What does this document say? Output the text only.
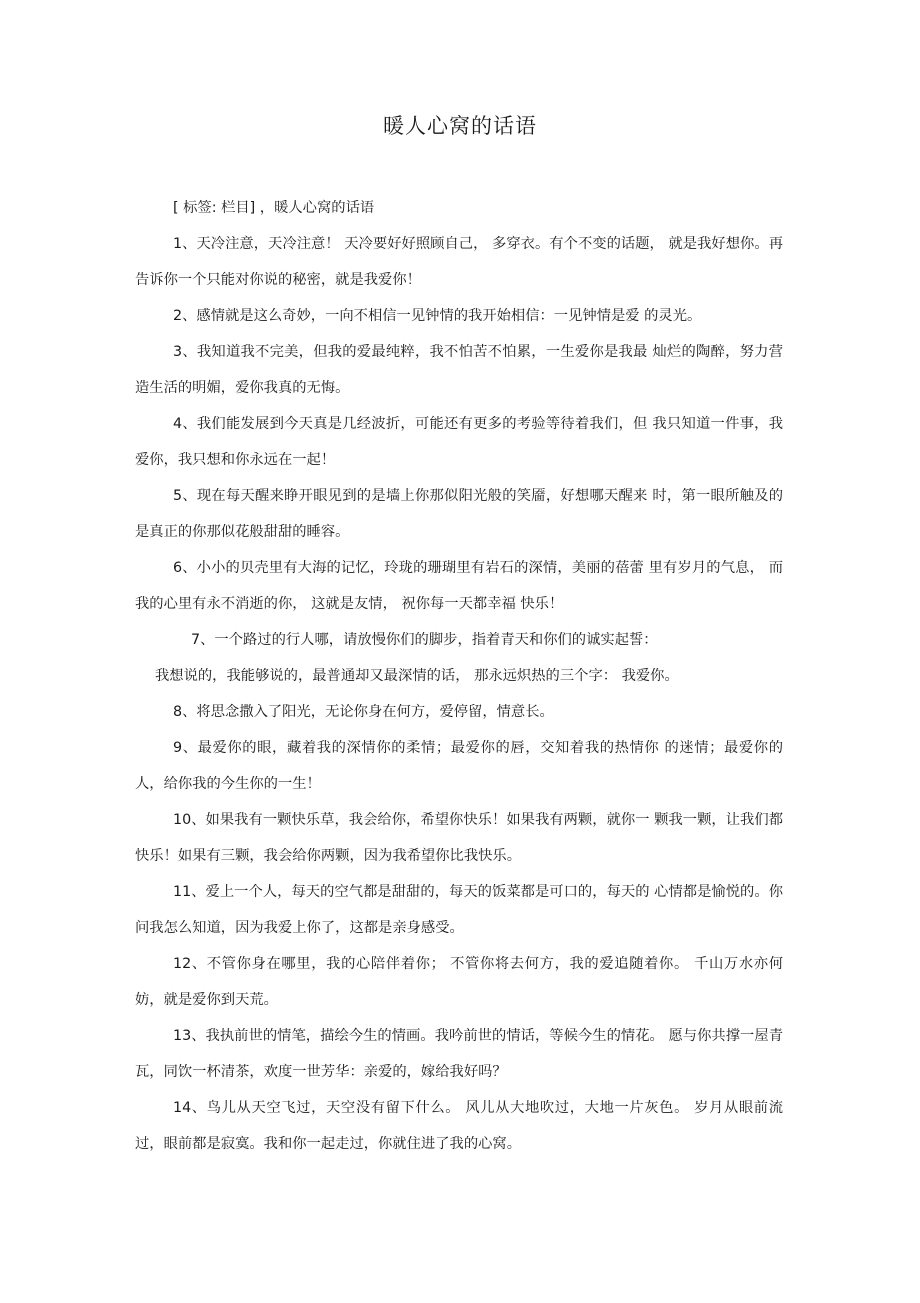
暖人心窝的话语

[ 标签: 栏目] ，暖人心窝的话语

1、天冷注意，天冷注意！ 天冷要好好照顾自己， 多穿衣。有个不变的话题， 就是我好想你。再告诉你一个只能对你说的秘密，就是我爱你！

2、感情就是这么奇妙，一向不相信一见钟情的我开始相信：一见钟情是爱 的灵光。

3、我知道我不完美，但我的爱最纯粹，我不怕苦不怕累，一生爱你是我最 灿烂的陶醉，努力营造生活的明媚，爱你我真的无悔。

4、我们能发展到今天真是几经波折，可能还有更多的考验等待着我们，但 我只知道一件事，我爱你，我只想和你永远在一起！

5、现在每天醒来睁开眼见到的是墙上你那似阳光般的笑靥，好想哪天醒来 时，第一眼所触及的是真正的你那似花般甜甜的睡容。

6、小小的贝壳里有大海的记忆，玲珑的珊瑚里有岩石的深情，美丽的蓓蕾 里有岁月的气息， 而我的心里有永不消逝的你， 这就是友情， 祝你每一天都幸福 快乐！

7、一个路过的行人哪，请放慢你们的脚步，指着青天和你们的诚实起誓：

我想说的，我能够说的，最普通却又最深情的话， 那永远炽热的三个字： 我爱你。

8、将思念撒入了阳光，无论你身在何方，爱停留，情意长。

9、最爱你的眼，藏着我的深情你的柔情；最爱你的唇，交知着我的热情你 的迷情；最爱你的人，给你我的今生你的一生！

10、如果我有一颗快乐草，我会给你，希望你快乐！如果我有两颗，就你一 颗我一颗，让我们都快乐！如果有三颗，我会给你两颗，因为我希望你比我快乐。

11、爱上一个人，每天的空气都是甜甜的，每天的饭菜都是可口的，每天的 心情都是愉悦的。你问我怎么知道，因为我爱上你了，这都是亲身感受。

12、不管你身在哪里，我的心陪伴着你； 不管你将去何方，我的爱追随着你。 千山万水亦何妨，就是爱你到天荒。

13、我执前世的情笔，描绘今生的情画。我吟前世的情话，等候今生的情花。 愿与你共撑一屋青瓦，同饮一杯清茶，欢度一世芳华：亲爱的，嫁给我好吗？

14、鸟儿从天空飞过，天空没有留下什么。 风儿从大地吹过，大地一片灰色。 岁月从眼前流过，眼前都是寂寞。我和你一起走过，你就住进了我的心窝。
